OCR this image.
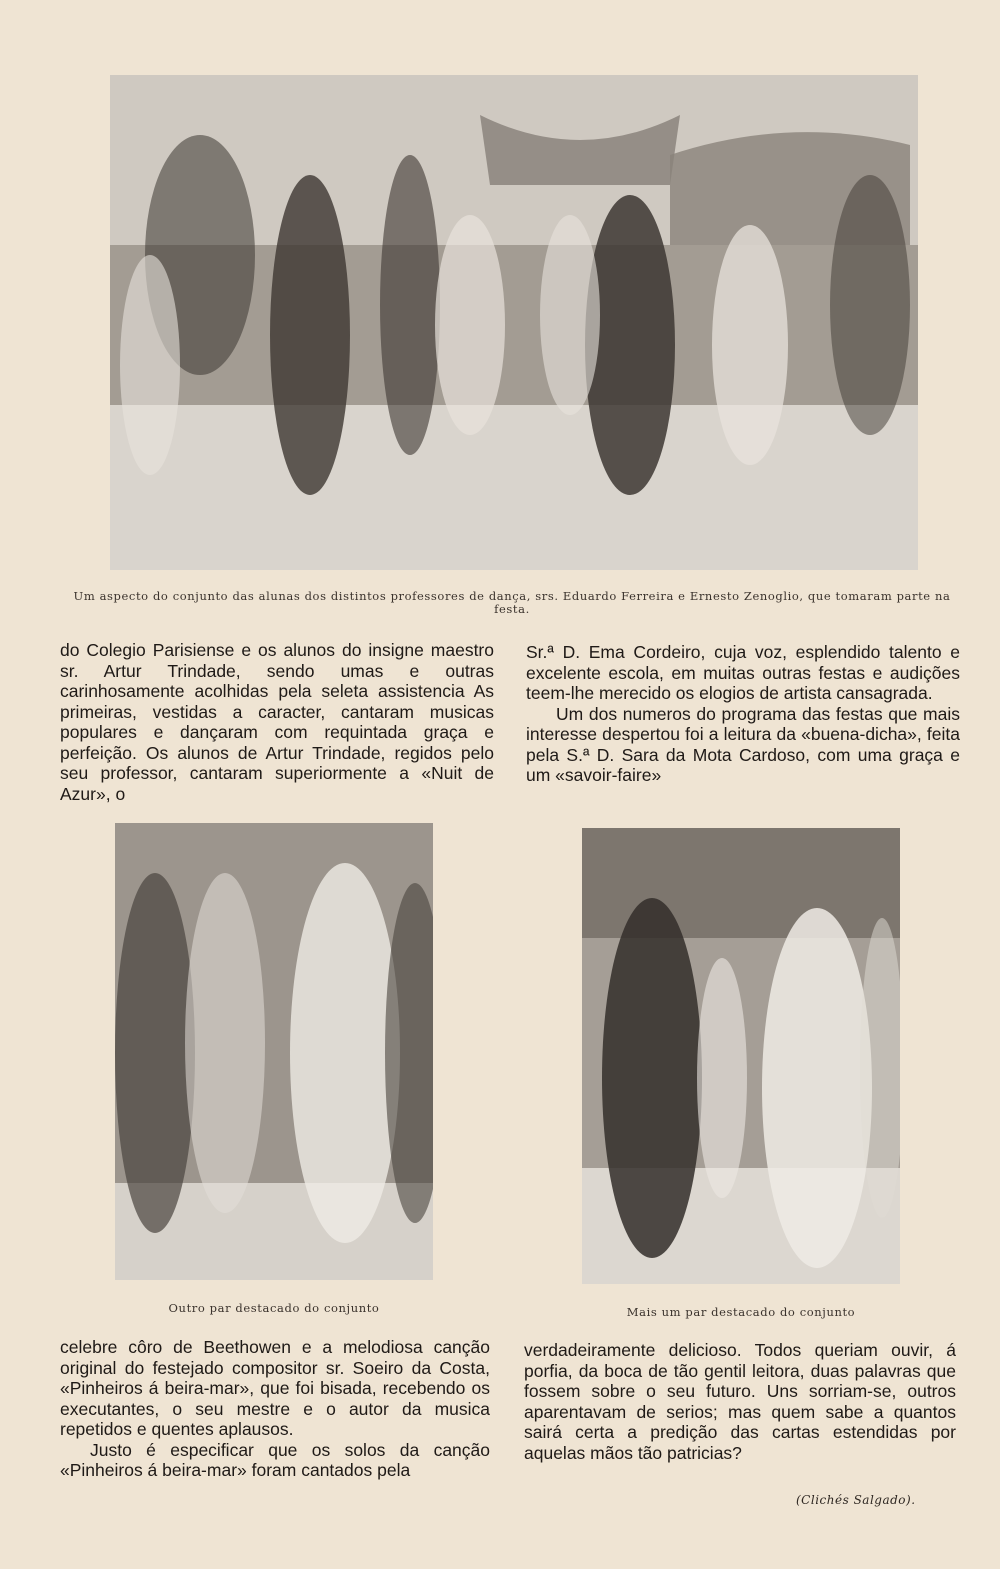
Um aspecto do conjunto das alunas dos distintos professores de dança, srs. Eduardo Ferreira e Ernesto Zenoglio, que tomaram parte na festa.

do Colegio Parisiense e os alunos do insigne maestro sr. Artur Trindade, sendo umas e outras carinhosamente acolhidas pela seleta assistencia As primeiras, vestidas a caracter, cantaram musicas populares e dançaram com requintada graça e perfeição. Os alunos de Artur Trindade, regidos pelo seu professor, cantaram superiormente a «Nuit de Azur», o

Sr.ª D. Ema Cordeiro, cuja voz, esplendido talento e excelente escola, em muitas outras festas e audições teem-lhe merecido os elogios de artista cansagrada.

Um dos numeros do programa das festas que mais interesse despertou foi a leitura da «buena-dicha», feita pela S.ª D. Sara da Mota Cardoso, com uma graça e um «savoir-faire»

Outro par destacado do conjunto	Mais um par destacado do conjunto

celebre côro de Beethowen e a melodiosa canção original do festejado compositor sr. Soeiro da Costa, «Pinheiros á beira-mar», que foi bisada, recebendo os executantes, o seu mestre e o autor da musica repetidos e quentes aplausos.

Justo é especificar que os solos da canção «Pinheiros á beira-mar» foram cantados pela

verdadeiramente delicioso. Todos queriam ouvir, á porfia, da boca de tão gentil leitora, duas palavras que fossem sobre o seu futuro. Uns sorriam-se, outros aparentavam de serios; mas quem sabe a quantos sairá certa a predição das cartas estendidas por aquelas mãos tão patricias?

(Clichés Salgado).
